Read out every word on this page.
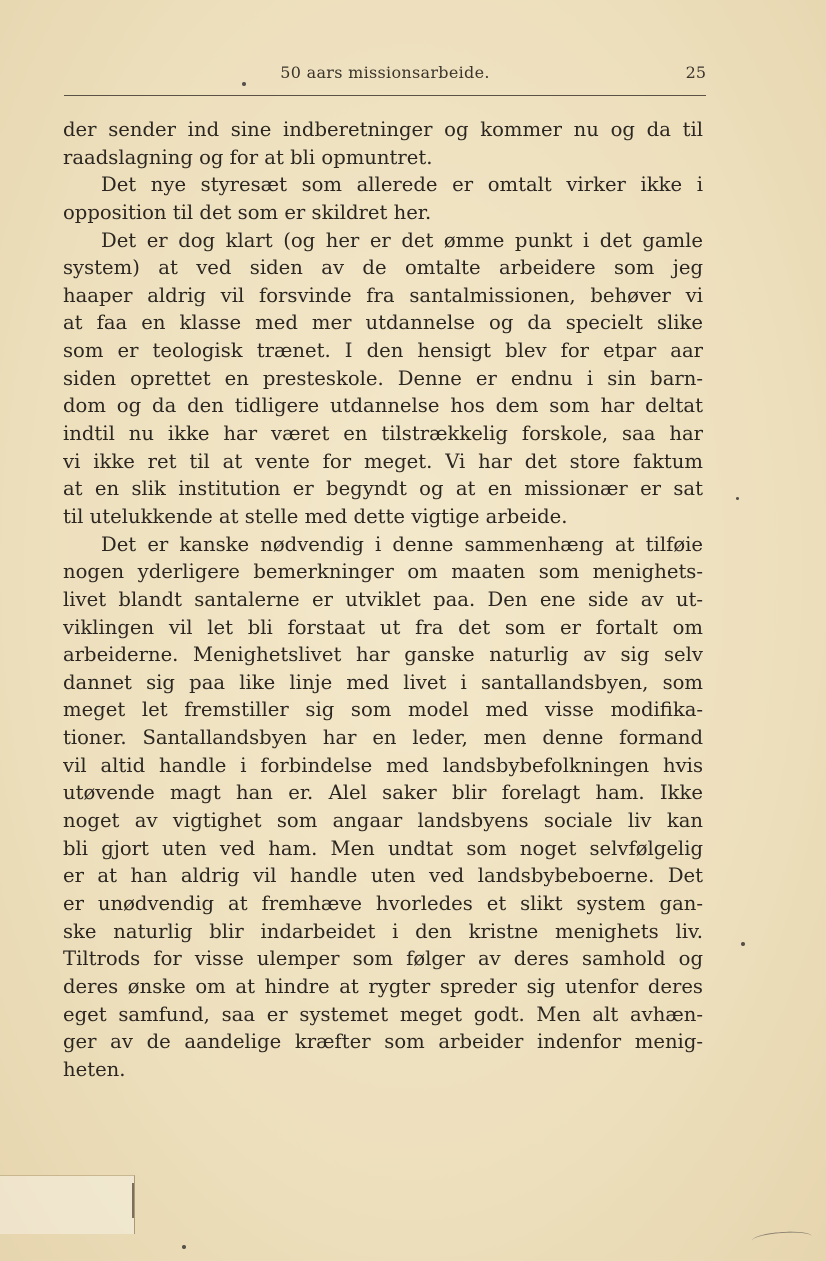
50 aars missionsarbeide.	25
der sender ind sine indberetninger og kommer nu og da til
raadslagning og for at bli opmuntret.
Det nye styresæt som allerede er omtalt virker ikke i
opposition til det som er skildret her.
Det er dog klart (og her er det ømme punkt i det gamle
system) at ved siden av de omtalte arbeidere som jeg
haaper aldrig vil forsvinde fra santalmissionen, behøver vi
at faa en klasse med mer utdannelse og da specielt slike
som er teologisk trænet. I den hensigt blev for etpar aar
siden oprettet en presteskole. Denne er endnu i sin barn-
dom og da den tidligere utdannelse hos dem som har deltat
indtil nu ikke har været en tilstrækkelig forskole, saa har
vi ikke ret til at vente for meget. Vi har det store faktum
at en slik institution er begyndt og at en missionær er sat
til utelukkende at stelle med dette vigtige arbeide.
Det er kanske nødvendig i denne sammenhæng at tilføie
nogen yderligere bemerkninger om maaten som menighets-
livet blandt santalerne er utviklet paa. Den ene side av ut-
viklingen vil let bli forstaat ut fra det som er fortalt om
arbeiderne. Menighetslivet har ganske naturlig av sig selv
dannet sig paa like linje med livet i santallandsbyen, som
meget let fremstiller sig som model med visse modifika-
tioner. Santallandsbyen har en leder, men denne formand
vil altid handle i forbindelse med landsbybefolkningen hvis
utøvende magt han er. Alel saker blir forelagt ham. Ikke
noget av vigtighet som angaar landsbyens sociale liv kan
bli gjort uten ved ham. Men undtat som noget selvfølgelig
er at han aldrig vil handle uten ved landsbybeboerne. Det
er unødvendig at fremhæve hvorledes et slikt system gan-
ske naturlig blir indarbeidet i den kristne menighets liv.
Tiltrods for visse ulemper som følger av deres samhold og
deres ønske om at hindre at rygter spreder sig utenfor deres
eget samfund, saa er systemet meget godt. Men alt avhæn-
ger av de aandelige kræfter som arbeider indenfor menig-
heten.
